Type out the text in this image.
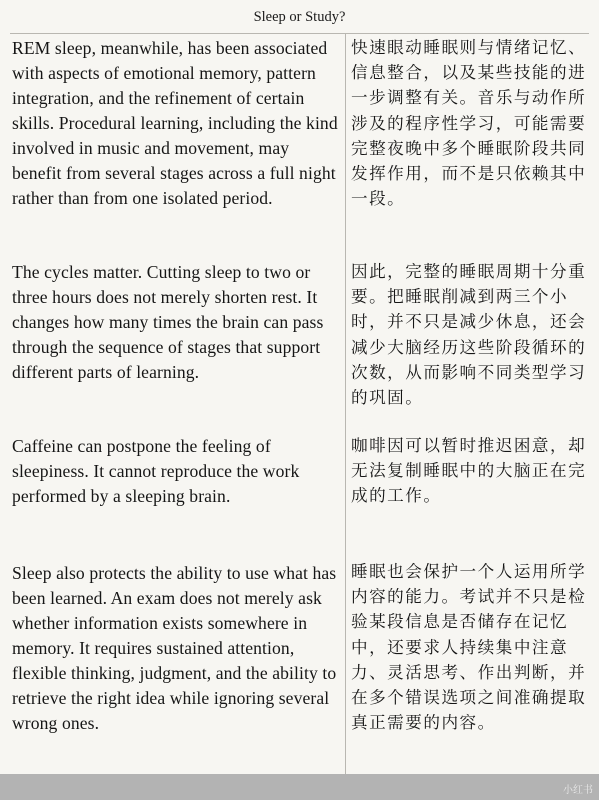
Sleep or Study?
REM sleep, meanwhile, has been associated with aspects of emotional memory, pattern integration, and the refinement of certain skills. Procedural learning, including the kind involved in music and movement, may benefit from several stages across a full night rather than from one isolated period.
快速眼动睡眠则与情绪记忆、信息整合，以及某些技能的进一步调整有关。音乐与动作所涉及的程序性学习，可能需要完整夜晚中多个睡眠阶段共同发挥作用，而不是只依赖其中一段。
The cycles matter. Cutting sleep to two or three hours does not merely shorten rest. It changes how many times the brain can pass through the sequence of stages that support different parts of learning.
因此，完整的睡眠周期十分重要。把睡眠削减到两三个小时，并不只是减少休息，还会减少大脑经历这些阶段循环的次数，从而影响不同类型学习的巩固。
Caffeine can postpone the feeling of sleepiness. It cannot reproduce the work performed by a sleeping brain.
咖啡因可以暂时推迟困意，却无法复制睡眠中的大脑正在完成的工作。
Sleep also protects the ability to use what has been learned. An exam does not merely ask whether information exists somewhere in memory. It requires sustained attention, flexible thinking, judgment, and the ability to retrieve the right idea while ignoring several wrong ones.
睡眠也会保护一个人运用所学内容的能力。考试并不只是检验某段信息是否储存在记忆中，还要求人持续集中注意力、灵活思考、作出判断，并在多个错误选项之间准确提取真正需要的内容。
小红书
